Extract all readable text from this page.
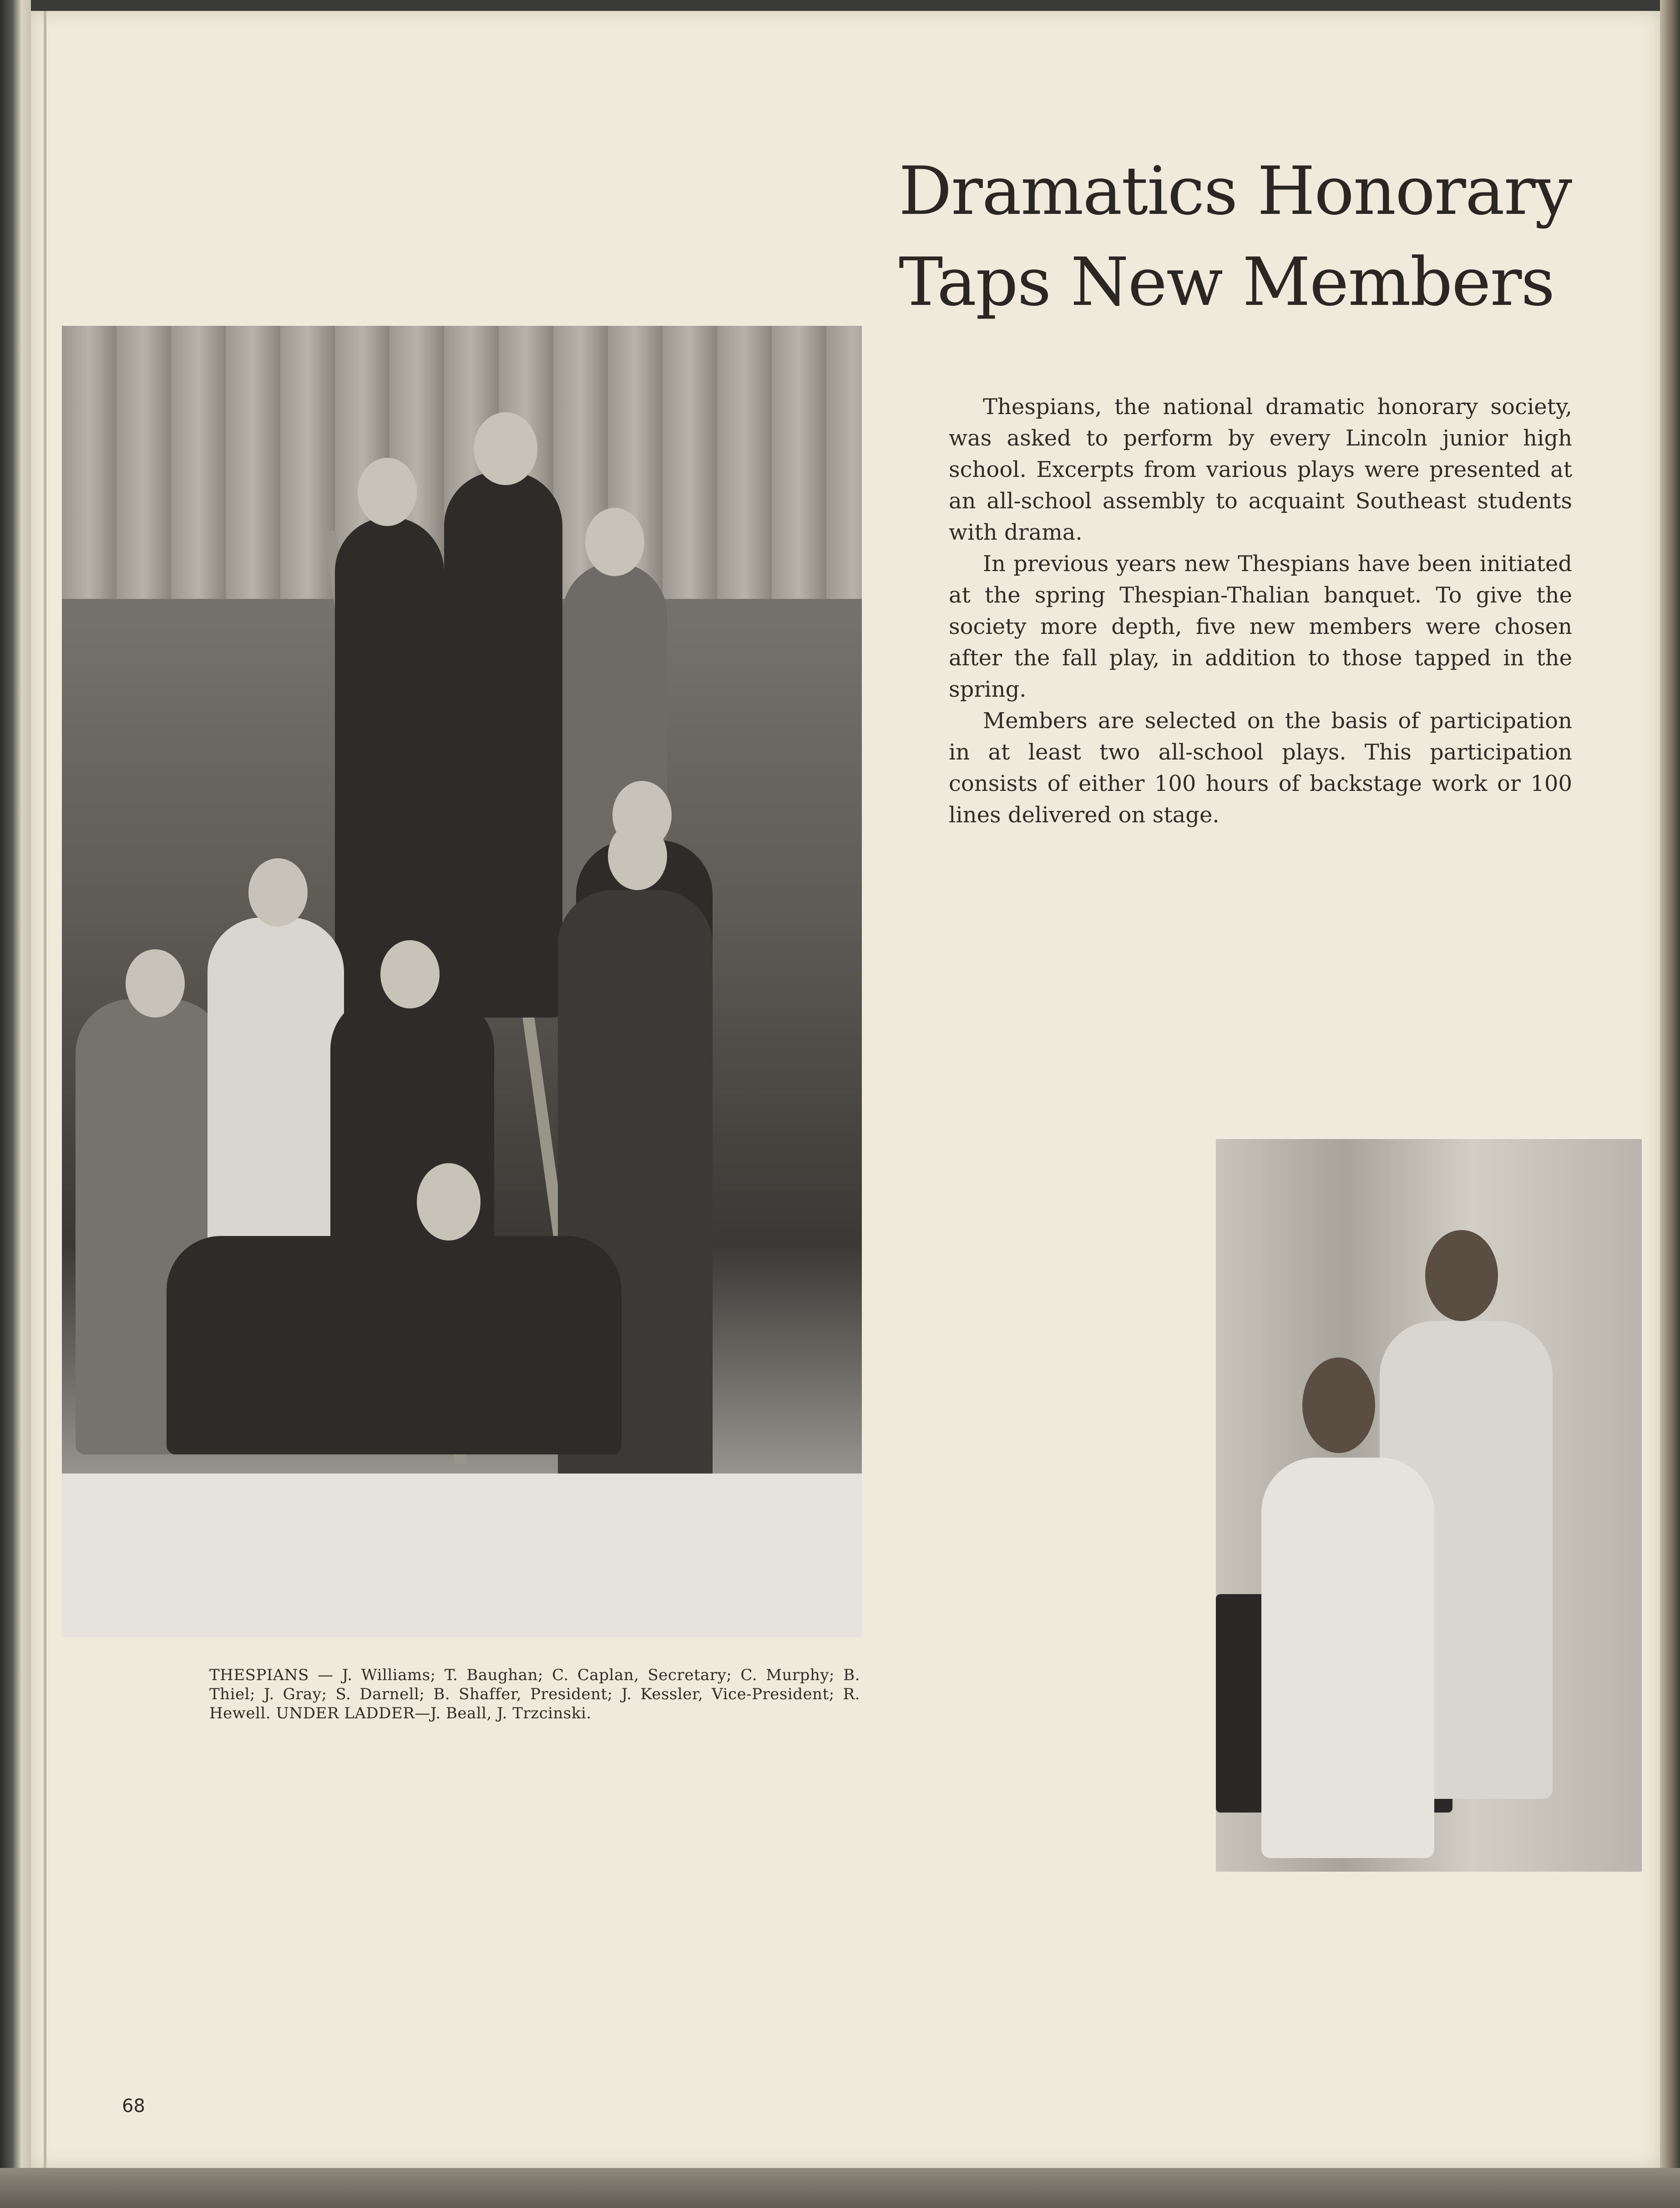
Dramatics Honorary
Taps New Members

Thespians, the national dramatic honorary society, was asked to perform by every Lincoln junior high school. Excerpts from various plays were presented at an all-school assembly to acquaint Southeast students with drama.

In previous years new Thespians have been initiated at the spring Thespian-Thalian banquet. To give the society more depth, five new members were chosen after the fall play, in addition to those tapped in the spring.

Members are selected on the basis of participation in at least two all-school plays. This participation consists of either 100 hours of backstage work or 100 lines delivered on stage.

THESPIANS — J. Williams; T. Baughan; C. Caplan, Secretary; C. Murphy; B. Thiel; J. Gray; S. Darnell; B. Shaffer, President; J. Kessler, Vice-President; R. Hewell. UNDER LADDER—J. Beall, J. Trzcinski.
68
